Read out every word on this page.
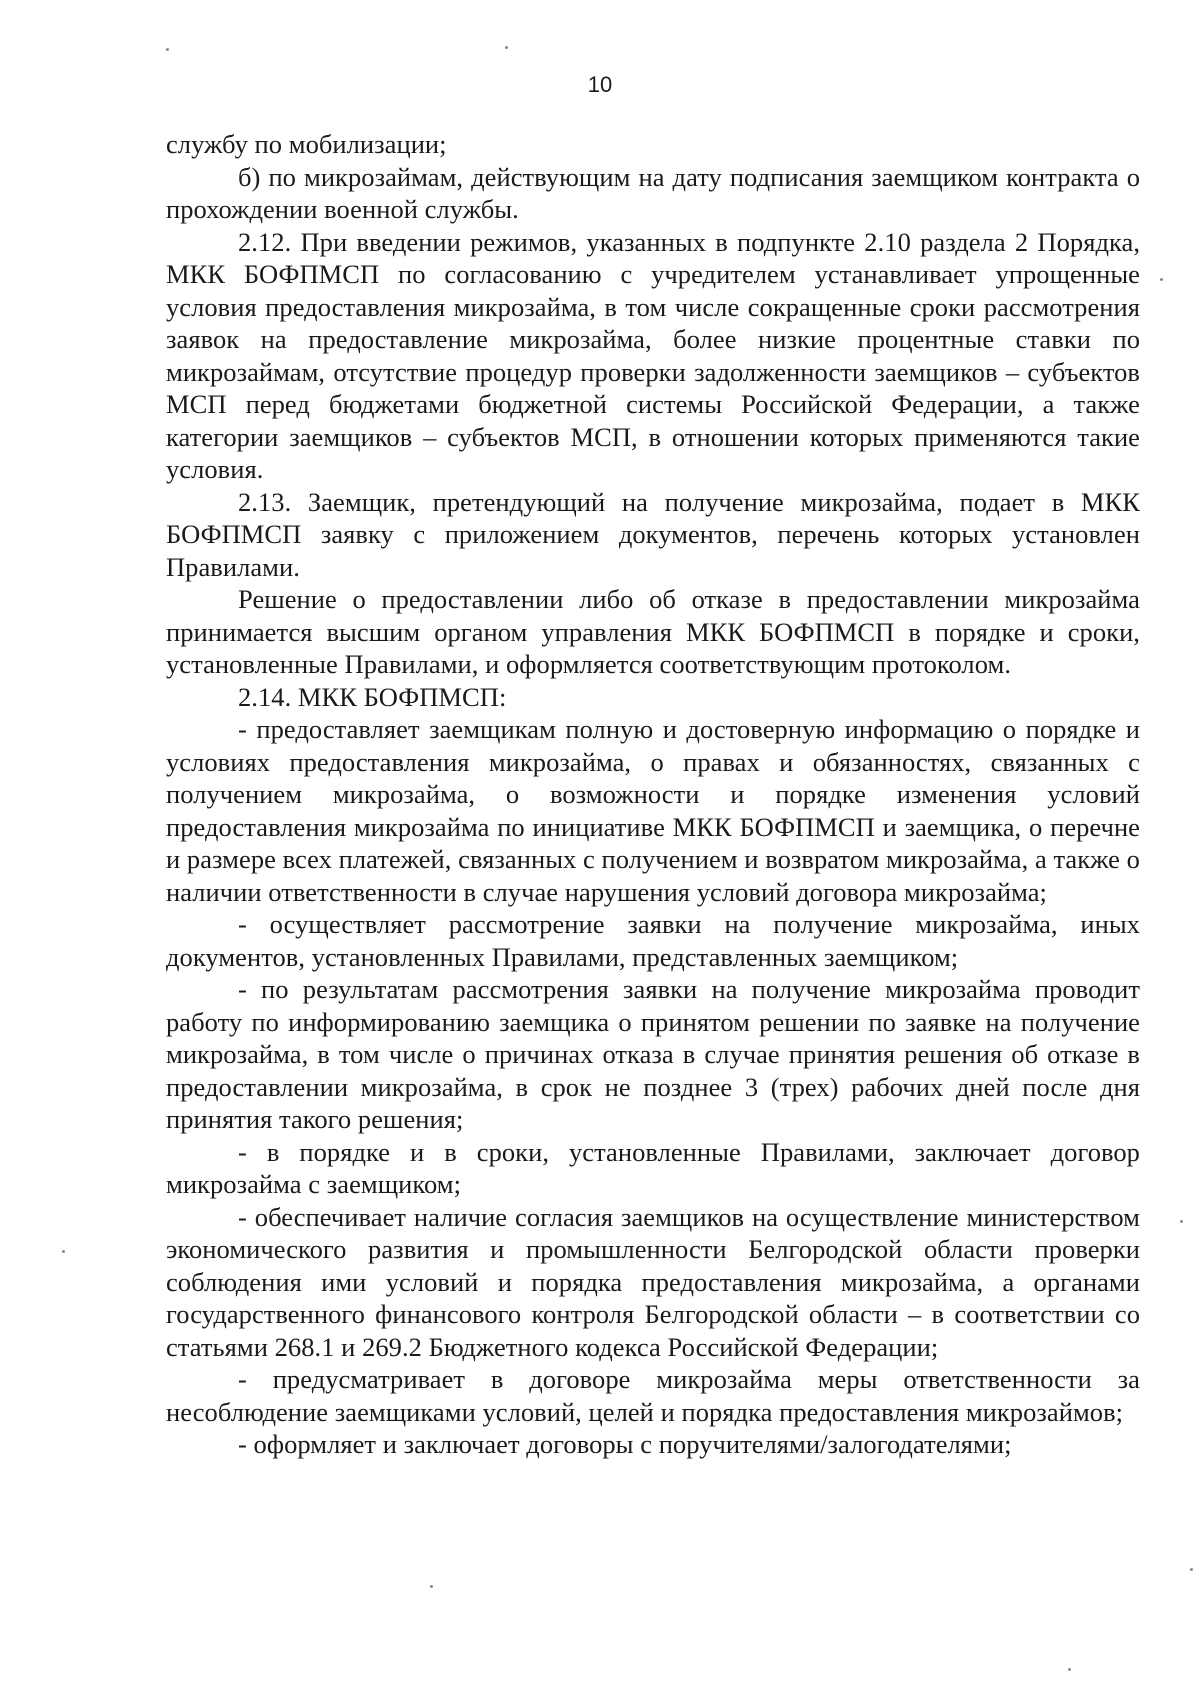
10

службу по мобилизации;

б) по микрозаймам, действующим на дату подписания заемщиком контракта о прохождении военной службы.

2.12. При введении режимов, указанных в подпункте 2.10 раздела 2 Порядка, МКК БОФПМСП по согласованию с учредителем устанавливает упрощенные условия предоставления микрозайма, в том числе сокращенные сроки рассмотрения заявок на предоставление микрозайма, более низкие процентные ставки по микрозаймам, отсутствие процедур проверки задолженности заемщиков – субъектов МСП перед бюджетами бюджетной системы Российской Федерации, а также категории заемщиков – субъектов МСП, в отношении которых применяются такие условия.

2.13. Заемщик, претендующий на получение микрозайма, подает в МКК БОФПМСП заявку с приложением документов, перечень которых установлен Правилами.

Решение о предоставлении либо об отказе в предоставлении микрозайма принимается высшим органом управления МКК БОФПМСП в порядке и сроки, установленные Правилами, и оформляется соответствующим протоколом.

2.14. МКК БОФПМСП:

- предоставляет заемщикам полную и достоверную информацию о порядке и условиях предоставления микрозайма, о правах и обязанностях, связанных с получением микрозайма, о возможности и порядке изменения условий предоставления микрозайма по инициативе МКК БОФПМСП и заемщика, о перечне и размере всех платежей, связанных с получением и возвратом микрозайма, а также о наличии ответственности в случае нарушения условий договора микрозайма;

- осуществляет рассмотрение заявки на получение микрозайма, иных документов, установленных Правилами, представленных заемщиком;

- по результатам рассмотрения заявки на получение микрозайма проводит работу по информированию заемщика о принятом решении по заявке на получение микрозайма, в том числе о причинах отказа в случае принятия решения об отказе в предоставлении микрозайма, в срок не позднее 3 (трех) рабочих дней после дня принятия такого решения;

- в порядке и в сроки, установленные Правилами, заключает договор микрозайма с заемщиком;

- обеспечивает наличие согласия заемщиков на осуществление министерством экономического развития и промышленности Белгородской области проверки соблюдения ими условий и порядка предоставления микрозайма, а органами государственного финансового контроля Белгородской области – в соответствии со статьями 268.1 и 269.2 Бюджетного кодекса Российской Федерации;

- предусматривает в договоре микрозайма меры ответственности за несоблюдение заемщиками условий, целей и порядка предоставления микрозаймов;

- оформляет и заключает договоры с поручителями/залогодателями;
